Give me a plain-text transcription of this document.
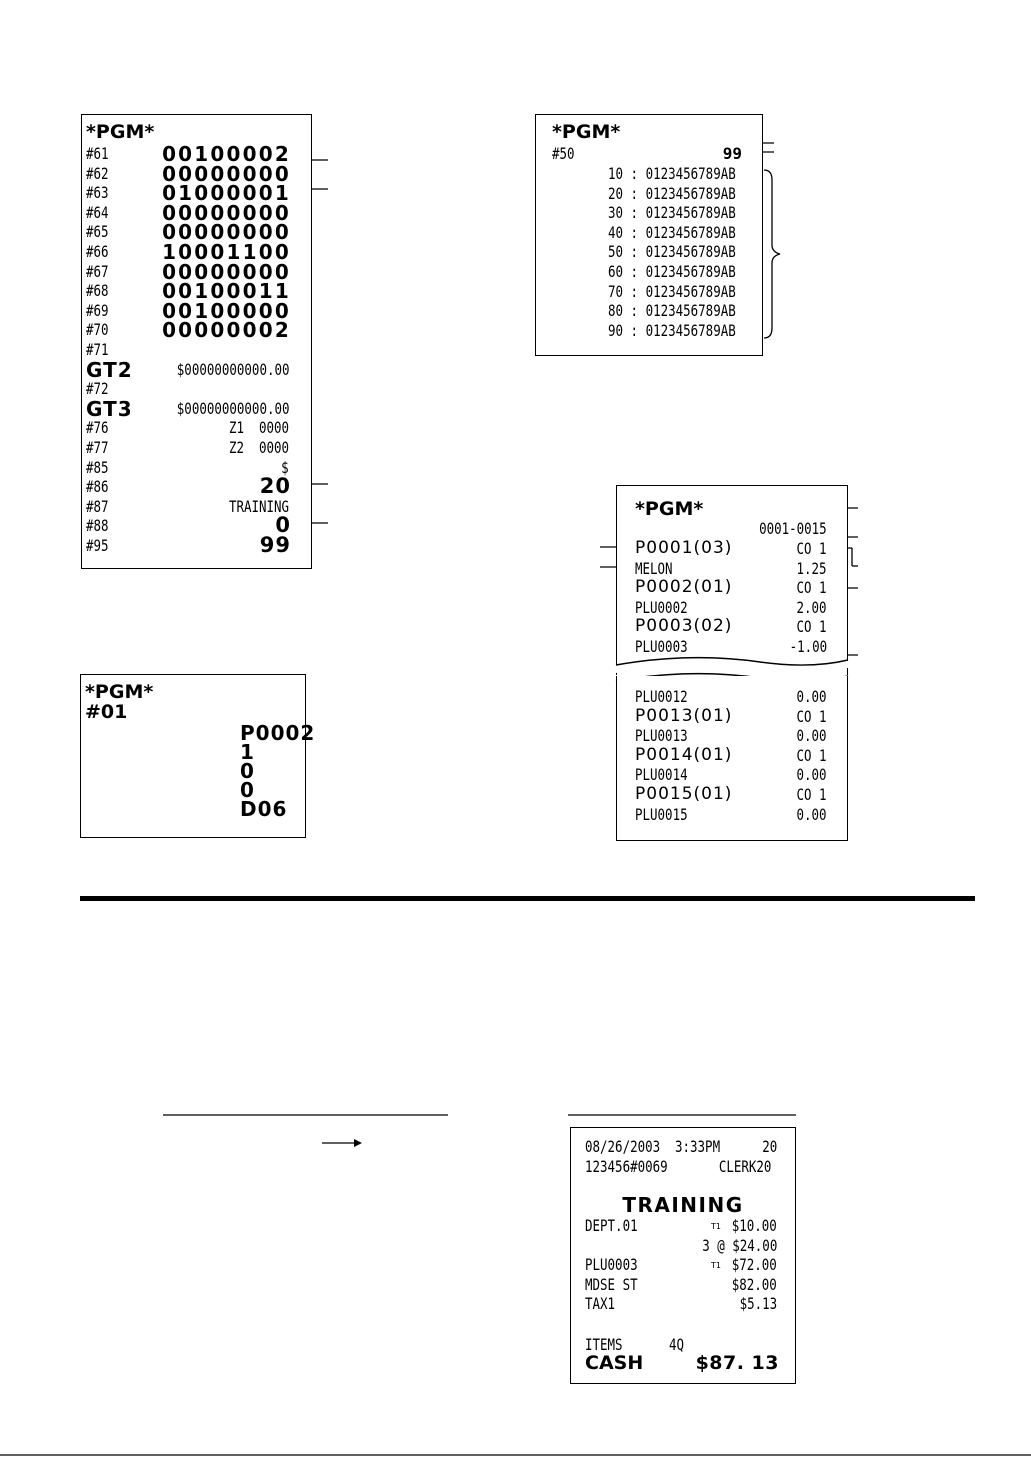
*PGM*
#61	00100002
#62	00000000
#63	01000001
#64	00000000
#65	00000000
#66	10001100
#67	00000000
#68	00100011
#69	00100000
#70	00000002
#71
GT2	$00000000000.00
#72
GT3	$00000000000.00
#76	Z1  0000
#77	Z2  0000
#85	$
#86	20
#87	TRAINING
#88	0
#95	99
*PGM*
#50	99
10 : 0123456789AB
20 : 0123456789AB
30 : 0123456789AB
40 : 0123456789AB
50 : 0123456789AB
60 : 0123456789AB
70 : 0123456789AB
80 : 0123456789AB
90 : 0123456789AB
*PGM*
#01
P0002
1
0
0
D06
*PGM*
0001-0015
P0001(03)	CO 1
MELON	1.25
P0002(01)	CO 1
PLU0002	2.00
P0003(02)	CO 1
PLU0003	-1.00
PLU0012	0.00
P0013(01)	CO 1
PLU0013	0.00
P0014(01)	CO 1
PLU0014	0.00
P0015(01)	CO 1
PLU0015	0.00
08/26/2003 3:33PM	20
123456#0069	CLERK20
TRAINING
DEPT.01	T1 $10.00
3 @ $24.00
PLU0003	T1 $72.00
MDSE ST	$82.00
TAX1	$5.13
ITEMS	4Q
CASH	$87. 13
